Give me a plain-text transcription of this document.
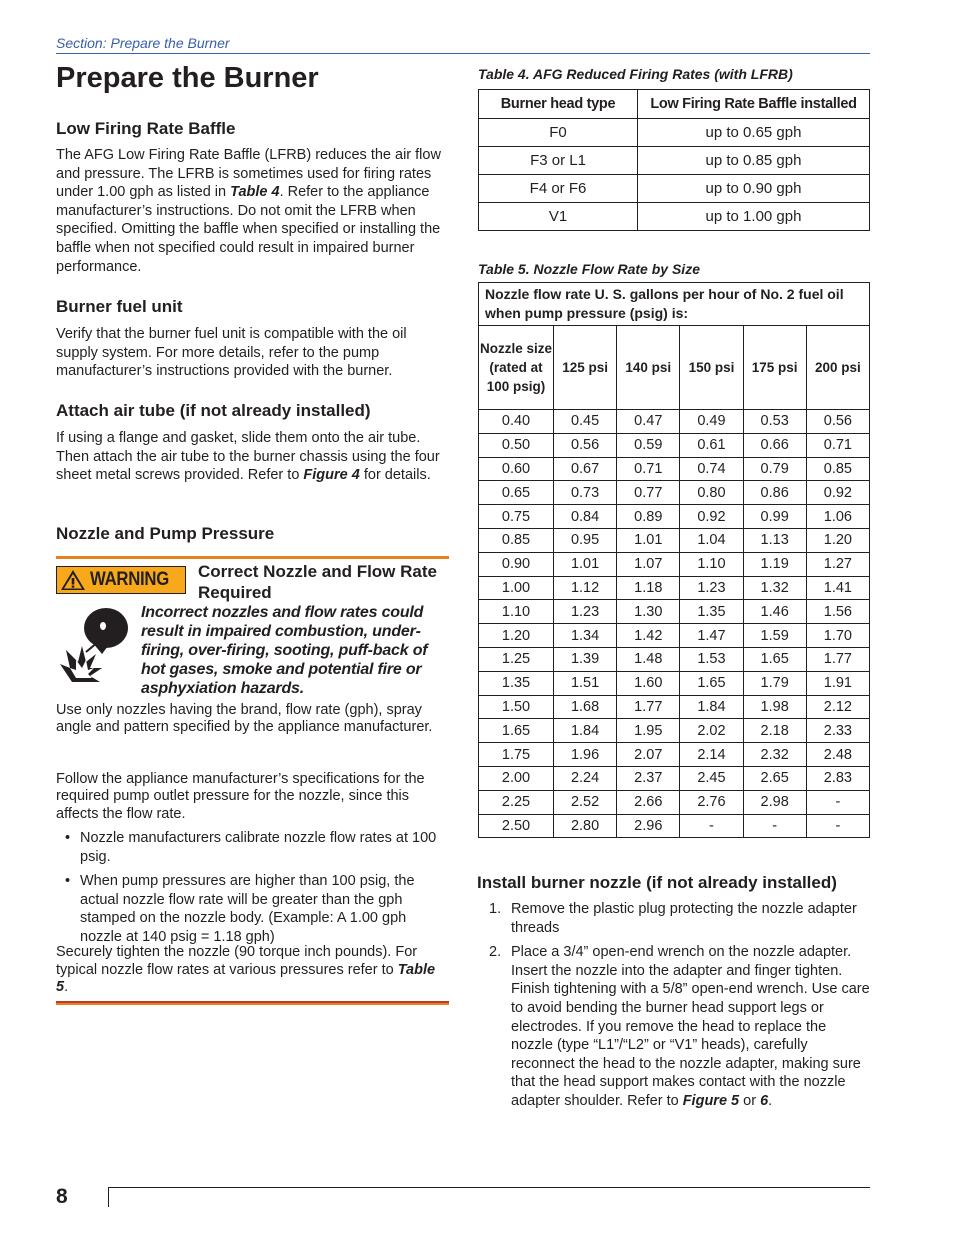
Section: Prepare the Burner
Prepare the Burner
Low Firing Rate Baffle

The AFG Low Firing Rate Baffle (LFRB) reduces the air flow and pressure. The LFRB is sometimes used for firing rates under 1.00 gph as listed in Table 4. Refer to the appliance manufacturer’s instructions. Do not omit the LFRB when specified. Omitting the baffle when specified or installing the baffle when not specified could result in impaired burner performance.

Burner fuel unit

Verify that the burner fuel unit is compatible with the oil supply system. For more details, refer to the pump manufacturer’s instructions provided with the burner.

Attach air tube (if not already installed)

If using a flange and gasket, slide them onto the air tube. Then attach the air tube to the burner chassis using the four sheet metal screws provided. Refer to Figure 4 for details.

Nozzle and Pump Pressure
WARNING Correct Nozzle and Flow Rate Required
Incorrect nozzles and flow rates could result in impaired combustion, under-firing, over-firing, sooting, puff-back of hot gases, smoke and potential fire or asphyxiation hazards.

Use only nozzles having the brand, flow rate (gph), spray angle and pattern specified by the appliance manufacturer.

Follow the appliance manufacturer’s specifications for the required pump outlet pressure for the nozzle, since this affects the flow rate.

• Nozzle manufacturers calibrate nozzle flow rates at 100 psig.
• When pump pressures are higher than 100 psig, the actual nozzle flow rate will be greater than the gph stamped on the nozzle body. (Example: A 1.00 gph nozzle at 140 psig = 1.18 gph)

Securely tighten the nozzle (90 torque inch pounds). For typical nozzle flow rates at various pressures refer to Table 5.

Table 4. AFG Reduced Firing Rates (with LFRB)
Burner head type	Low Firing Rate Baffle installed
F0	up to 0.65 gph
F3 or L1	up to 0.85 gph
F4 or F6	up to 0.90 gph
V1	up to 1.00 gph
Table 5. Nozzle Flow Rate by Size
Nozzle flow rate U. S. gallons per hour of No. 2 fuel oil when pump pressure (psig) is:					
Nozzle size (rated at 100 psig)	125 psi	140 psi	150 psi	175 psi	200 psi
0.40	0.45	0.47	0.49	0.53	0.56
0.50	0.56	0.59	0.61	0.66	0.71
0.60	0.67	0.71	0.74	0.79	0.85
0.65	0.73	0.77	0.80	0.86	0.92
0.75	0.84	0.89	0.92	0.99	1.06
0.85	0.95	1.01	1.04	1.13	1.20
0.90	1.01	1.07	1.10	1.19	1.27
1.00	1.12	1.18	1.23	1.32	1.41
1.10	1.23	1.30	1.35	1.46	1.56
1.20	1.34	1.42	1.47	1.59	1.70
1.25	1.39	1.48	1.53	1.65	1.77
1.35	1.51	1.60	1.65	1.79	1.91
1.50	1.68	1.77	1.84	1.98	2.12
1.65	1.84	1.95	2.02	2.18	2.33
1.75	1.96	2.07	2.14	2.32	2.48
2.00	2.24	2.37	2.45	2.65	2.83
2.25	2.52	2.66	2.76	2.98	-
2.50	2.80	2.96	-	-	-
Install burner nozzle (if not already installed)
1. Remove the plastic plug protecting the nozzle adapter threads
2. Place a 3/4” open-end wrench on the nozzle adapter. Insert the nozzle into the adapter and finger tighten. Finish tightening with a 5/8” open-end wrench. Use care to avoid bending the burner head support legs or electrodes. If you remove the head to replace the nozzle (type “L1”/“L2” or “V1” heads), carefully reconnect the head to the nozzle adapter, making sure that the head support makes contact with the nozzle adapter shoulder. Refer to Figure 5 or 6.
8
